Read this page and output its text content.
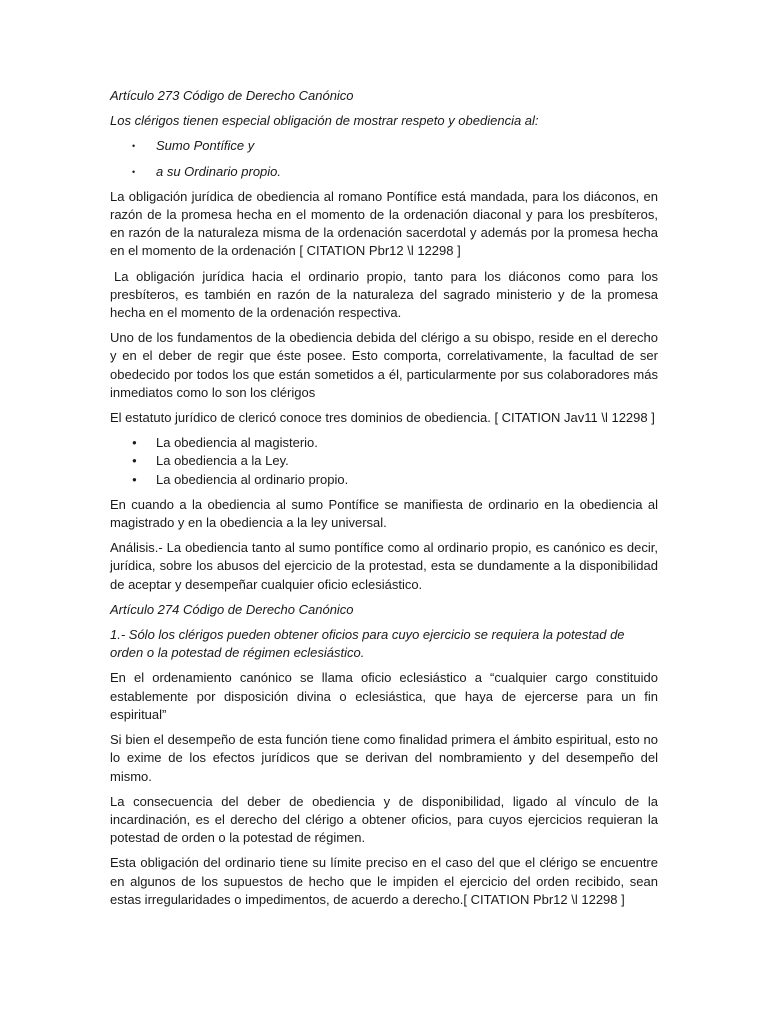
Artículo 273 Código de Derecho Canónico

Los clérigos tienen especial obligación de mostrar respeto y obediencia al:

• Sumo Pontífice y
• a su Ordinario propio.

La obligación jurídica de obediencia al romano Pontífice está mandada, para los diáconos, en razón de la promesa hecha en el momento de la ordenación diaconal y para los presbíteros, en razón de la naturaleza misma de la ordenación sacerdotal y además por la promesa hecha en el momento de la ordenación [ CITATION Pbr12 \l 12298 ]

La obligación jurídica hacia el ordinario propio, tanto para los diáconos como para los presbíteros, es también en razón de la naturaleza del sagrado ministerio y de la promesa hecha en el momento de la ordenación respectiva.

Uno de los fundamentos de la obediencia debida del clérigo a su obispo, reside en el derecho y en el deber de regir que éste posee. Esto comporta, correlativamente, la facultad de ser obedecido por todos los que están sometidos a él, particularmente por sus colaboradores más inmediatos como lo son los clérigos

El estatuto jurídico de clericó conoce tres dominios de obediencia. [ CITATION Jav11 \l 12298 ]

● La obediencia al magisterio.
● La obediencia a la Ley.
● La obediencia al ordinario propio.

En cuando a la obediencia al sumo Pontífice se manifiesta de ordinario en la obediencia al magistrado y en la obediencia a la ley universal.

Análisis.- La obediencia tanto al sumo pontífice como al ordinario propio, es canónico es decir, jurídica, sobre los abusos del ejercicio de la protestad, esta se dundamente a la disponibilidad de aceptar y desempeñar cualquier oficio eclesiástico.

Artículo 274 Código de Derecho Canónico

1.- Sólo los clérigos pueden obtener oficios para cuyo ejercicio se requiera la potestad de orden o la potestad de régimen eclesiástico.

En el ordenamiento canónico se llama oficio eclesiástico a “cualquier cargo constituido establemente por disposición divina o eclesiástica, que haya de ejercerse para un fin espiritual”

Si bien el desempeño de esta función tiene como finalidad primera el ámbito espiritual, esto no lo exime de los efectos jurídicos que se derivan del nombramiento y del desempeño del mismo.

La consecuencia del deber de obediencia y de disponibilidad, ligado al vínculo de la incardinación, es el derecho del clérigo a obtener oficios, para cuyos ejercicios requieran la potestad de orden o la potestad de régimen.

Esta obligación del ordinario tiene su límite preciso en el caso del que el clérigo se encuentre en algunos de los supuestos de hecho que le impiden el ejercicio del orden recibido, sean estas irregularidades o impedimentos, de acuerdo a derecho.[ CITATION Pbr12 \l 12298 ]
